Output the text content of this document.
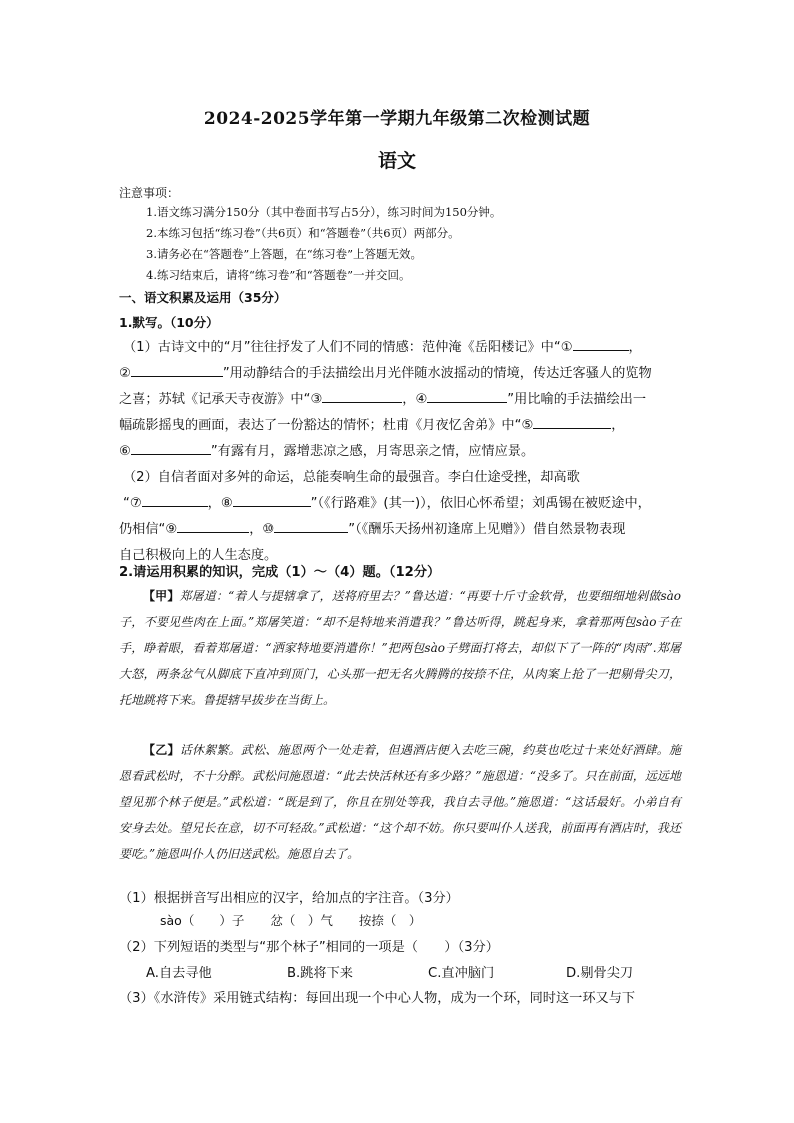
2024-2025学年第一学期九年级第二次检测试题
语文
注意事项：
1.语文练习满分150分（其中卷面书写占5分），练习时间为150分钟。
2.本练习包括“练习卷”（共6页）和“答题卷”（共6页）两部分。
3.请务必在“答题卷”上答题，在“练习卷”上答题无效。
4.练习结束后，请将“练习卷”和“答题卷”一并交回。
一、语文积累及运用（35分）
1.默写。（10分）

（1）古诗文中的“月”往往抒发了人们不同的情感：范仲淹《岳阳楼记》中“①	，

②	”用动静结合的手法描绘出月光伴随水波摇动的情境，传达迁客骚人的览物

之喜；苏轼《记承天寺夜游》中“③	，④	”用比喻的手法描绘出一

幅疏影摇曳的画面，表达了一份豁达的情怀；杜甫《月夜忆舍弟》中“⑤	，

⑥	”有露有月，露增悲凉之感，月寄思亲之情，应情应景。

（2）自信者面对多舛的命运，总能奏响生命的最强音。李白仕途受挫，却高歌

“⑦	，⑧	”（《行路难》(其一)），依旧心怀希望；刘禹锡在被贬途中，

仍相信“⑨	，⑩	”（《酬乐天扬州初逢席上见赠》）借自然景物表现

自己积极向上的人生态度。

2.请运用积累的知识，完成（1）～（4）题。（12分）
【甲】郑屠道：“着人与提辖拿了，送将府里去？”鲁达道：“再要十斤寸金软骨，也要细细地剁做sào子，不要见些肉在上面。”郑屠笑道：“却不是特地来消遣我？”鲁达听得，跳起身来，拿着那两包sào子在手，睁着眼，看着郑屠道：“洒家特地要消遣你！”把两包sào子劈面打将去，却似下了一阵的“肉雨”.郑屠大怒，两条忿气从脚底下直冲到顶门，心头那一把无名火腾腾的按捺不住，从肉案上抢了一把剔骨尖刀，托地跳将下来。鲁提辖早拔步在当街上。
【乙】话休絮繁。武松、施恩两个一处走着，但遇酒店便入去吃三碗，约莫也吃过十来处好酒肆。施恩看武松时，不十分醉。武松问施恩道：“此去快活林还有多少路？”施恩道：“没多了。只在前面，远远地望见那个林子便是。”武松道：“既是到了，你且在别处等我，我自去寻他。”施恩道：“这话最好。小弟自有安身去处。望兄长在意，切不可轻敌。”武松道：“这个却不妨。你只要叫仆人送我，前面再有酒店时，我还要吃。”施恩叫仆人仍旧送武松。施恩自去了。
（1）根据拼音写出相应的汉字，给加点的字注音。（3分）
sào（　　）子 忿（　）气 按捺（　）
（2）下列短语的类型与“那个林子”相同的一项是（　　）（3分）
A.自去寻他	B.跳将下来	C.直冲脑门	D.剔骨尖刀
（3）《水浒传》采用链式结构：每回出现一个中心人物，成为一个环，同时这一环又与下
